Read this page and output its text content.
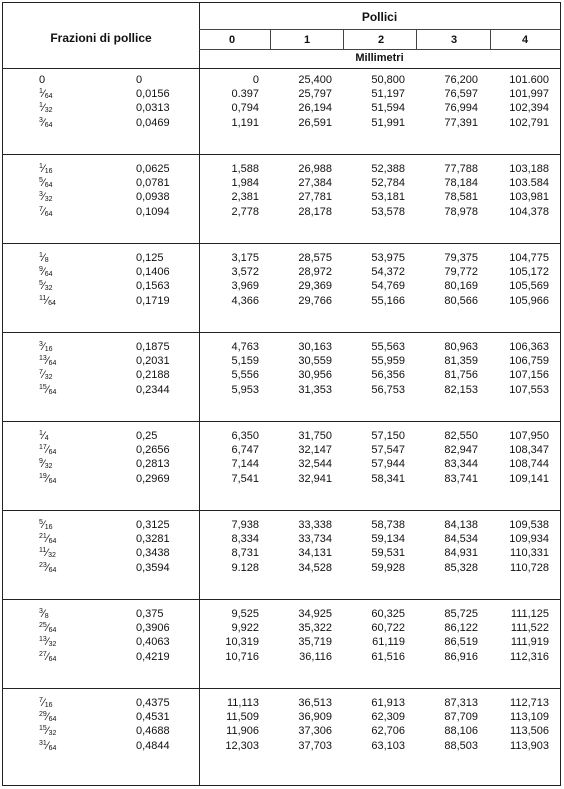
Frazioni di pollice
Pollici
Millimetri
0	1	2	3	4
0	0	0	25,400	50,800	76,200	101.600
$^1⁄_{64}$	0,0156	0.397	25,797	51,197	76,597	101,997
$^1⁄_{32}$	0,0313	0,794	26,194	51,594	76,994	102,394
$^3⁄_{64}$	0,0469	1,191	26,591	51,991	77,391	102,791
$^1⁄_{16}$	0,0625	1,588	26,988	52,388	77,788	103,188
$^5⁄_{64}$	0,0781	1,984	27,384	52,784	78,184	103.584
$^3⁄_{32}$	0,0938	2,381	27,781	53,181	78,581	103,981
$^7⁄_{64}$	0,1094	2,778	28,178	53,578	78,978	104,378
$^1⁄_8$	0,125	3,175	28,575	53,975	79,375	104,775
$^9⁄_{64}$	0,1406	3,572	28,972	54,372	79,772	105,172
$^5⁄_{32}$	0,1563	3,969	29,369	54,769	80,169	105,569
$^{11}⁄_{64}$	0,1719	4,366	29,766	55,166	80,566	105,966
$^3⁄_{16}$	0,1875	4,763	30,163	55,563	80,963	106,363
$^{13}⁄_{64}$	0,2031	5,159	30,559	55,959	81,359	106,759
$^7⁄_{32}$	0,2188	5,556	30,956	56,356	81,756	107,156
$^{15}⁄_{64}$	0,2344	5,953	31,353	56,753	82,153	107,553
$^1⁄_4$	0,25	6,350	31,750	57,150	82,550	107,950
$^{17}⁄_{64}$	0,2656	6,747	32,147	57,547	82,947	108,347
$^9⁄_{32}$	0,2813	7,144	32,544	57,944	83,344	108,744
$^{19}⁄_{64}$	0,2969	7,541	32,941	58,341	83,741	109,141
$^5⁄_{16}$	0,3125	7,938	33,338	58,738	84,138	109,538
$^{21}⁄_{64}$	0,3281	8,334	33,734	59,134	84,534	109,934
$^{11}⁄_{32}$	0,3438	8,731	34,131	59,531	84,931	110,331
$^{23}⁄_{64}$	0,3594	9.128	34,528	59,928	85,328	110,728
$^3⁄_8$	0,375	9,525	34,925	60,325	85,725	111,125
$^{25}⁄_{64}$	0,3906	9,922	35,322	60,722	86,122	111,522
$^{13}⁄_{32}$	0,4063	10,319	35,719	61,119	86,519	111,919
$^{27}⁄_{64}$	0,4219	10,716	36,116	61,516	86,916	112,316
$^7⁄_{16}$	0,4375	11,113	36,513	61,913	87,313	112,713
$^{29}⁄_{64}$	0,4531	11,509	36,909	62,309	87,709	113,109
$^{15}⁄_{32}$	0,4688	11,906	37,306	62,706	88,106	113,506
$^{31}⁄_{64}$	0,4844	12,303	37,703	63,103	88,503	113,903
